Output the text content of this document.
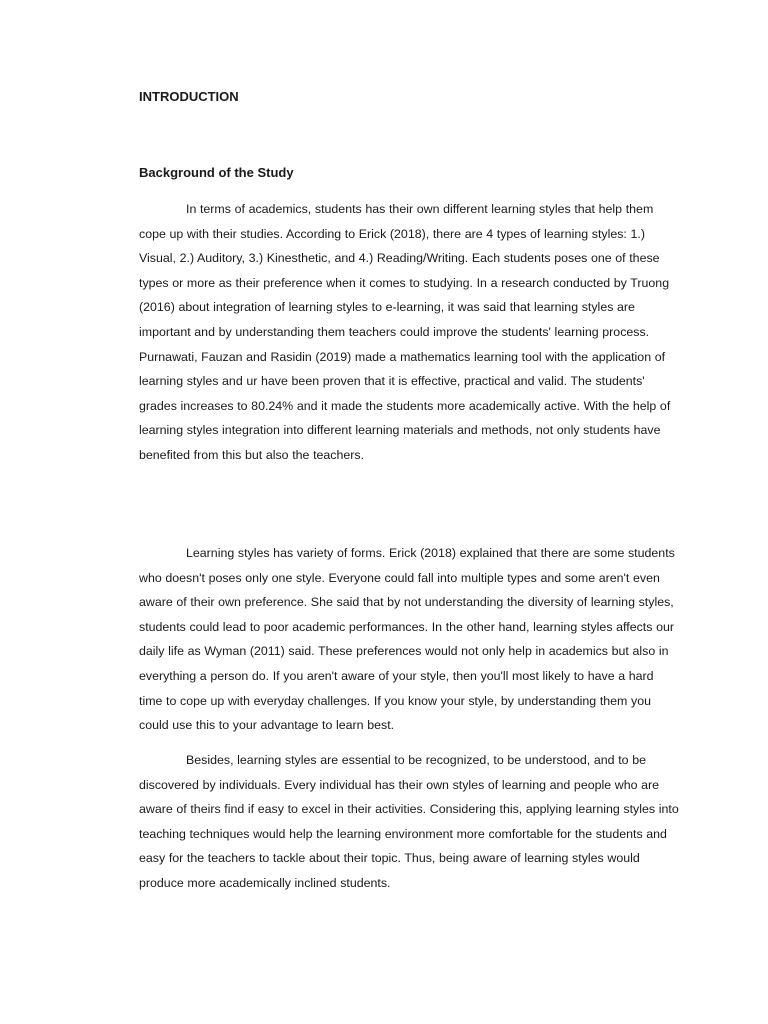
INTRODUCTION
Background of the Study

In terms of academics, students has their own different learning styles that help them cope up with their studies. According to Erick (2018), there are 4 types of learning styles: 1.) Visual, 2.) Auditory, 3.) Kinesthetic, and 4.) Reading/Writing. Each students poses one of these types or more as their preference when it comes to studying. In a research conducted by Truong (2016) about integration of learning styles to e-learning, it was said that learning styles are important and by understanding them teachers could improve the students' learning process. Purnawati, Fauzan and Rasidin (2019) made a mathematics learning tool with the application of learning styles and ur have been proven that it is effective, practical and valid. The students' grades increases to 80.24% and it made the students more academically active. With the help of learning styles integration into different learning materials and methods, not only students have benefited from this but also the teachers.

Learning styles has variety of forms. Erick (2018) explained that there are some students who doesn't poses only one style. Everyone could fall into multiple types and some aren't even aware of their own preference. She said that by not understanding the diversity of learning styles, students could lead to poor academic performances. In the other hand, learning styles affects our daily life as Wyman (2011) said. These preferences would not only help in academics but also in everything a person do. If you aren't aware of your style, then you'll most likely to have a hard time to cope up with everyday challenges. If you know your style, by understanding them you could use this to your advantage to learn best.

Besides, learning styles are essential to be recognized, to be understood, and to be discovered by individuals. Every individual has their own styles of learning and people who are aware of theirs find if easy to excel in their activities. Considering this, applying learning styles into teaching techniques would help the learning environment more comfortable for the students and easy for the teachers to tackle about their topic. Thus, being aware of learning styles would produce more academically inclined students.
